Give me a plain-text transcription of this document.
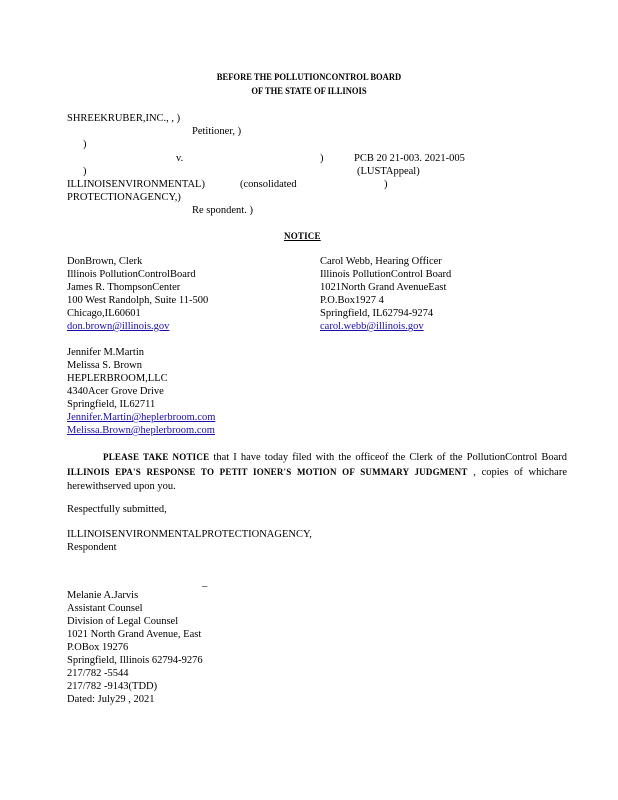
BEFORE THE POLLUTIONCONTROL BOARD
OF THE STATE OF ILLINOIS
SHREEKRUBER,INC., , )
Petitioner, )
)
v.	)	PCB 20 21-003. 2021-005
)	(LUSTAppeal)
ILLINOISENVIRONMENTAL)	(consolidated	)
PROTECTIONAGENCY,)
Re spondent. )
NOTICE
DonBrown, Clerk
Illinois PollutionControlBoard
James R. ThompsonCenter
100 West Randolph, Suite 11-500
Chicago,IL60601
don.brown@illinois.gov
Carol Webb, Hearing Officer
Illinois PollutionControl Board
1021North Grand AvenueEast
P.O.Box1927 4
Springfield, IL62794-9274
carol.webb@illinois.gov
Jennifer M.Martin
Melissa S. Brown
HEPLERBROOM,LLC
4340Acer Grove Drive
Springfield, IL62711
Jennifer.Martin@heplerbroom.com
Melissa.Brown@heplerbroom.com
PLEASE TAKE NOTICE that I have today filed with the officeof the Clerk of the PollutionControl Board ILLINOIS EPA'S RESPONSE TO PETIT IONER'S MOTION OF SUMMARY JUDGMENT , copies of whichare herewithserved upon you.
Respectfully submitted,
ILLINOISENVIRONMENTALPROTECTIONAGENCY,
Respondent
_
Melanie A.Jarvis
Assistant Counsel
Division of Legal Counsel
1021 North Grand Avenue, East
P.OBox 19276
Springfield, Illinois 62794-9276
217/782 -5544
217/782 -9143(TDD)
Dated: July29 , 2021
